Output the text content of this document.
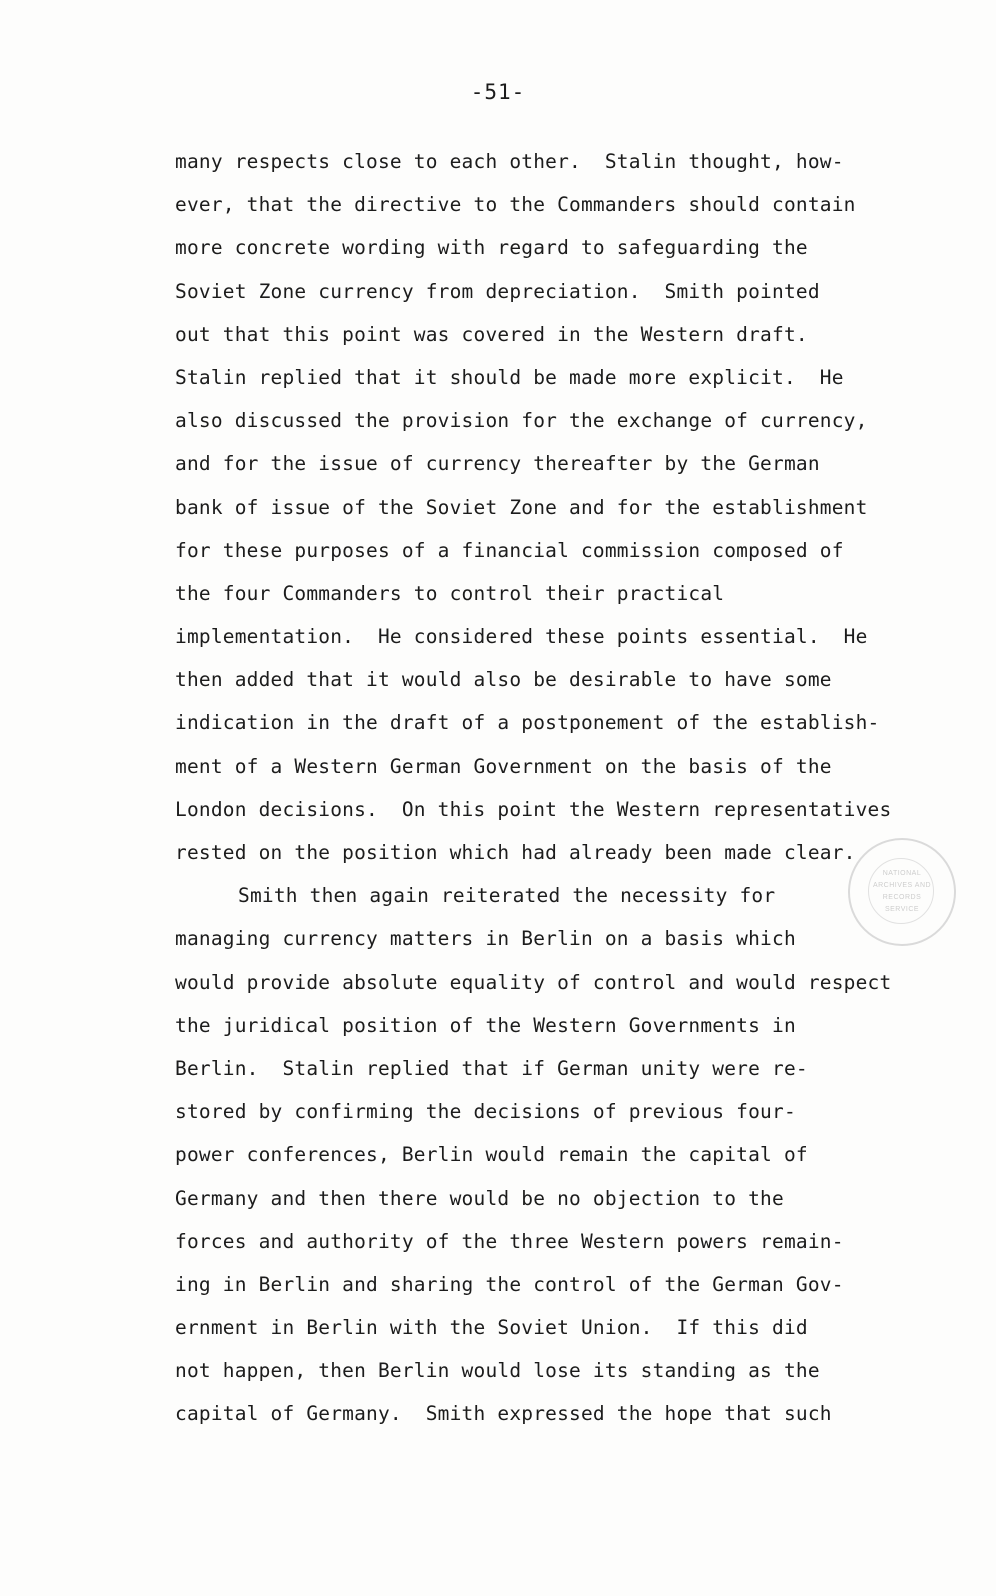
-51-
many respects close to each other.  Stalin thought, how-
ever, that the directive to the Commanders should contain
more concrete wording with regard to safeguarding the
Soviet Zone currency from depreciation.  Smith pointed
out that this point was covered in the Western draft.
Stalin replied that it should be made more explicit.  He
also discussed the provision for the exchange of currency,
and for the issue of currency thereafter by the German
bank of issue of the Soviet Zone and for the establishment
for these purposes of a financial commission composed of
the four Commanders to control their practical
implementation.  He considered these points essential.  He
then added that it would also be desirable to have some
indication in the draft of a postponement of the establish-
ment of a Western German Government on the basis of the
London decisions.  On this point the Western representatives
rested on the position which had already been made clear.
Smith then again reiterated the necessity for
managing currency matters in Berlin on a basis which
would provide absolute equality of control and would respect
the juridical position of the Western Governments in
Berlin.  Stalin replied that if German unity were re-
stored by confirming the decisions of previous four-
power conferences, Berlin would remain the capital of
Germany and then there would be no objection to the
forces and authority of the three Western powers remain-
ing in Berlin and sharing the control of the German Gov-
ernment in Berlin with the Soviet Union.  If this did
not happen, then Berlin would lose its standing as the
capital of Germany.  Smith expressed the hope that such
NATIONAL
ARCHIVES AND
RECORDS
SERVICE
